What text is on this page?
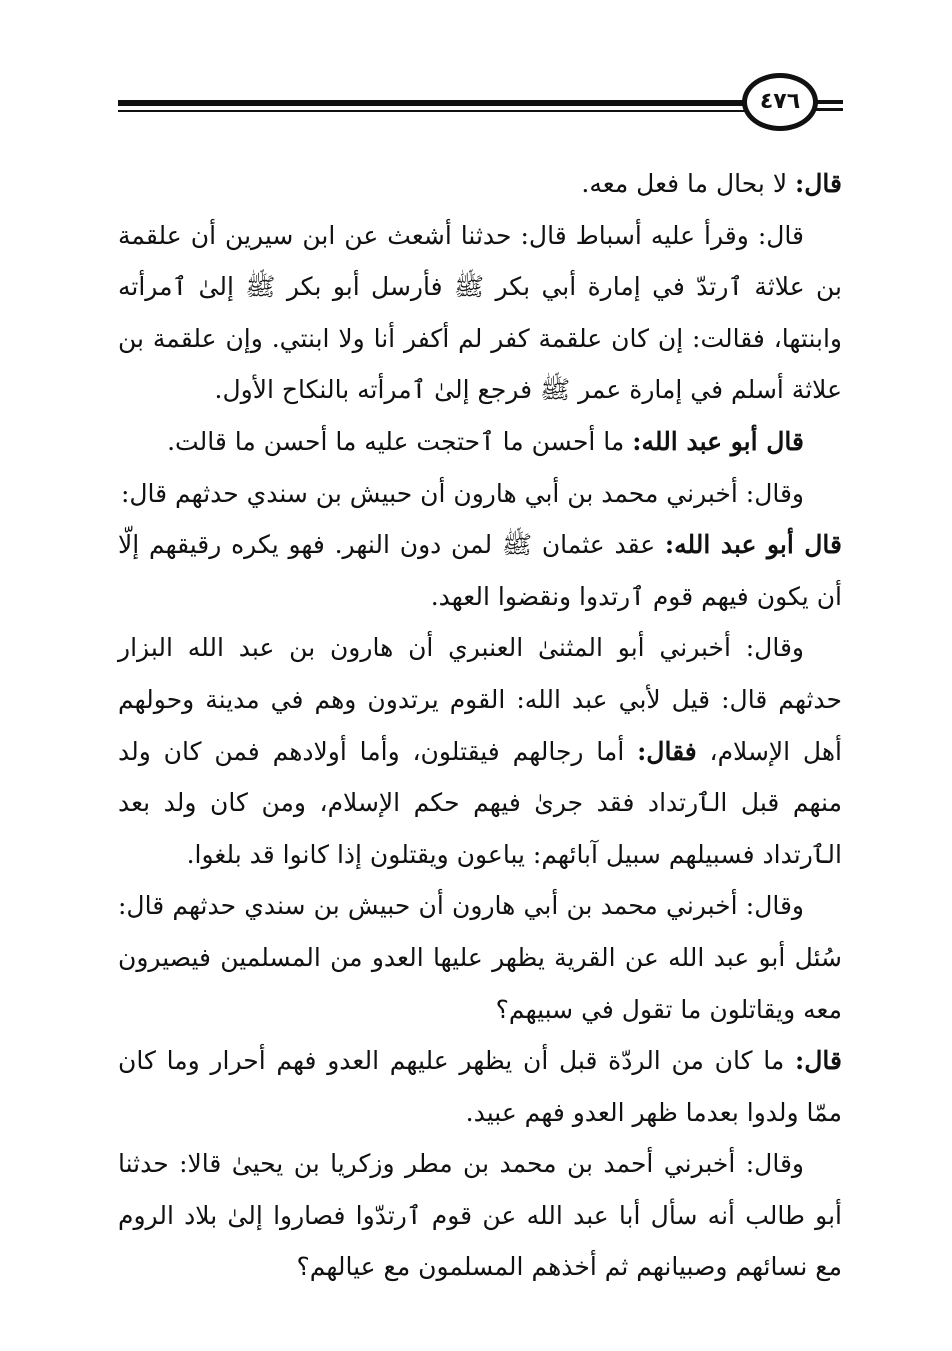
٤٧٦

قال: لا بحال ما فعل معه.

قال: وقرأ عليه أسباط قال: حدثنا أشعث عن ابن سيرين أن علقمة بن علاثة ٱرتدّ في إمارة أبي بكر ﷺ فأرسل أبو بكر ﷺ إلىٰ ٱمرأته وابنتها، فقالت: إن كان علقمة كفر لم أكفر أنا ولا ابنتي. وإن علقمة بن علاثة أسلم في إمارة عمر ﷺ فرجع إلىٰ ٱمرأته بالنكاح الأول.

قال أبو عبد الله: ما أحسن ما ٱحتجت عليه ما أحسن ما قالت.

وقال: أخبرني محمد بن أبي هارون أن حبيش بن سندي حدثهم قال:

قال أبو عبد الله: عقد عثمان ﷺ لمن دون النهر. فهو يكره رقيقهم إلّا أن يكون فيهم قوم ٱرتدوا ونقضوا العهد.

وقال: أخبرني أبو المثنىٰ العنبري أن هارون بن عبد الله البزار حدثهم قال: قيل لأبي عبد الله: القوم يرتدون وهم في مدينة وحولهم أهل الإسلام، فقال: أما رجالهم فيقتلون، وأما أولادهم فمن كان ولد منهم قبل الٱرتداد فقد جرىٰ فيهم حكم الإسلام، ومن كان ولد بعد الٱرتداد فسبيلهم سبيل آبائهم: يباعون ويقتلون إذا كانوا قد بلغوا.

وقال: أخبرني محمد بن أبي هارون أن حبيش بن سندي حدثهم قال: سُئل أبو عبد الله عن القرية يظهر عليها العدو من المسلمين فيصيرون معه ويقاتلون ما تقول في سبيهم؟

قال: ما كان من الردّة قبل أن يظهر عليهم العدو فهم أحرار وما كان ممّا ولدوا بعدما ظهر العدو فهم عبيد.

وقال: أخبرني أحمد بن محمد بن مطر وزكريا بن يحيىٰ قالا: حدثنا أبو طالب أنه سأل أبا عبد الله عن قوم ٱرتدّوا فصاروا إلىٰ بلاد الروم مع نسائهم وصبيانهم ثم أخذهم المسلمون مع عيالهم؟
